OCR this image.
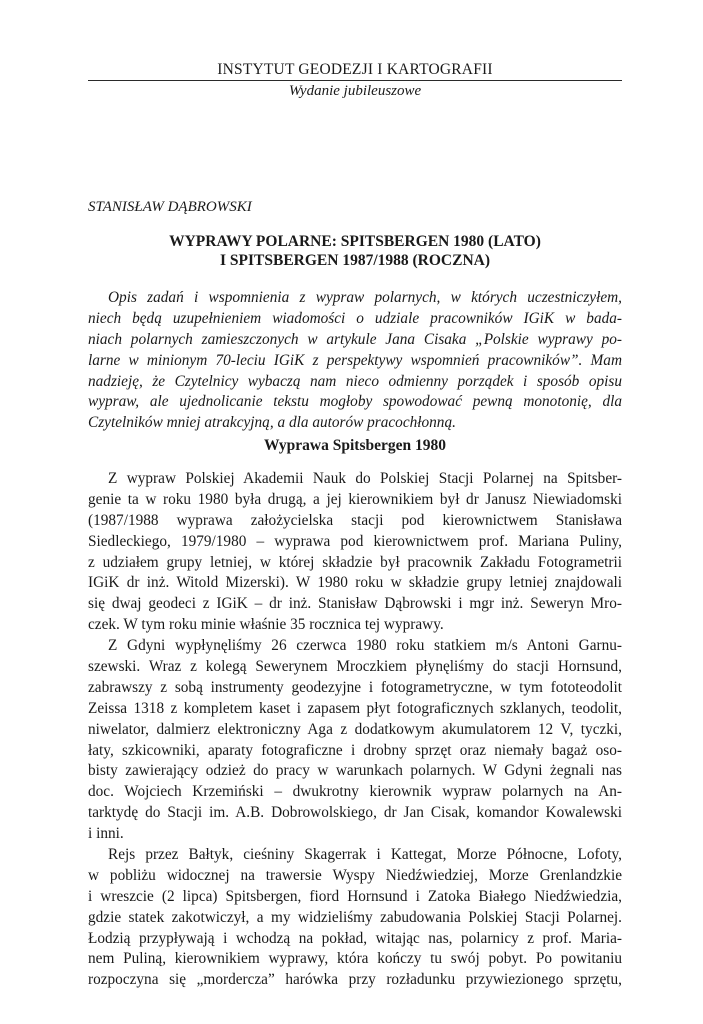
INSTYTUT GEODEZJI I KARTOGRAFII
Wydanie jubileuszowe
STANISŁAW DĄBROWSKI
WYPRAWY POLARNE: SPITSBERGEN 1980 (LATO)
I SPITSBERGEN 1987/1988 (ROCZNA)
Opis zadań i wspomnienia z wypraw polarnych, w których uczestniczyłem,
niech będą uzupełnieniem wiadomości o udziale pracowników IGiK w bada-
niach polarnych zamieszczonych w artykule Jana Cisaka „Polskie wyprawy po-
larne w minionym 70-leciu IGiK z perspektywy wspomnień pracowników”. Mam
nadzieję, że Czytelnicy wybaczą nam nieco odmienny porządek i sposób opisu
wypraw, ale ujednolicanie tekstu mogłoby spowodować pewną monotonię, dla
Czytelników mniej atrakcyjną, a dla autorów pracochłonną.
Wyprawa Spitsbergen 1980
Z wypraw Polskiej Akademii Nauk do Polskiej Stacji Polarnej na Spitsber-
genie ta w roku 1980 była drugą, a jej kierownikiem był dr Janusz Niewiadomski
(1987/1988 wyprawa założycielska stacji pod kierownictwem Stanisława
Siedleckiego, 1979/1980 – wyprawa pod kierownictwem prof. Mariana Puliny,
z udziałem grupy letniej, w której składzie był pracownik Zakładu Fotogrametrii
IGiK dr inż. Witold Mizerski). W 1980 roku w składzie grupy letniej znajdowali
się dwaj geodeci z IGiK – dr inż. Stanisław Dąbrowski i mgr inż. Seweryn Mro-
czek. W tym roku minie właśnie 35 rocznica tej wyprawy.
Z Gdyni wypłynęliśmy 26 czerwca 1980 roku statkiem m/s Antoni Garnu-
szewski. Wraz z kolegą Sewerynem Mroczkiem płynęliśmy do stacji Hornsund,
zabrawszy z sobą instrumenty geodezyjne i fotogrametryczne, w tym fototeodolit
Zeissa 1318 z kompletem kaset i zapasem płyt fotograficznych szklanych, teodolit,
niwelator, dalmierz elektroniczny Aga z dodatkowym akumulatorem 12 V, tyczki,
łaty, szkicowniki, aparaty fotograficzne i drobny sprzęt oraz niemały bagaż oso-
bisty zawierający odzież do pracy w warunkach polarnych. W Gdyni żegnali nas
doc. Wojciech Krzemiński – dwukrotny kierownik wypraw polarnych na An-
tarktydę do Stacji im. A.B. Dobrowolskiego, dr Jan Cisak, komandor Kowalewski
i inni.
Rejs przez Bałtyk, cieśniny Skagerrak i Kattegat, Morze Północne, Lofoty,
w pobliżu widocznej na trawersie Wyspy Niedźwiedziej, Morze Grenlandzkie
i wreszcie (2 lipca) Spitsbergen, fiord Hornsund i Zatoka Białego Niedźwiedzia,
gdzie statek zakotwiczył, a my widzieliśmy zabudowania Polskiej Stacji Polarnej.
Łodzią przypływają i wchodzą na pokład, witając nas, polarnicy z prof. Maria-
nem Puliną, kierownikiem wyprawy, która kończy tu swój pobyt. Po powitaniu
rozpoczyna się „mordercza” harówka przy rozładunku przywiezionego sprzętu,
